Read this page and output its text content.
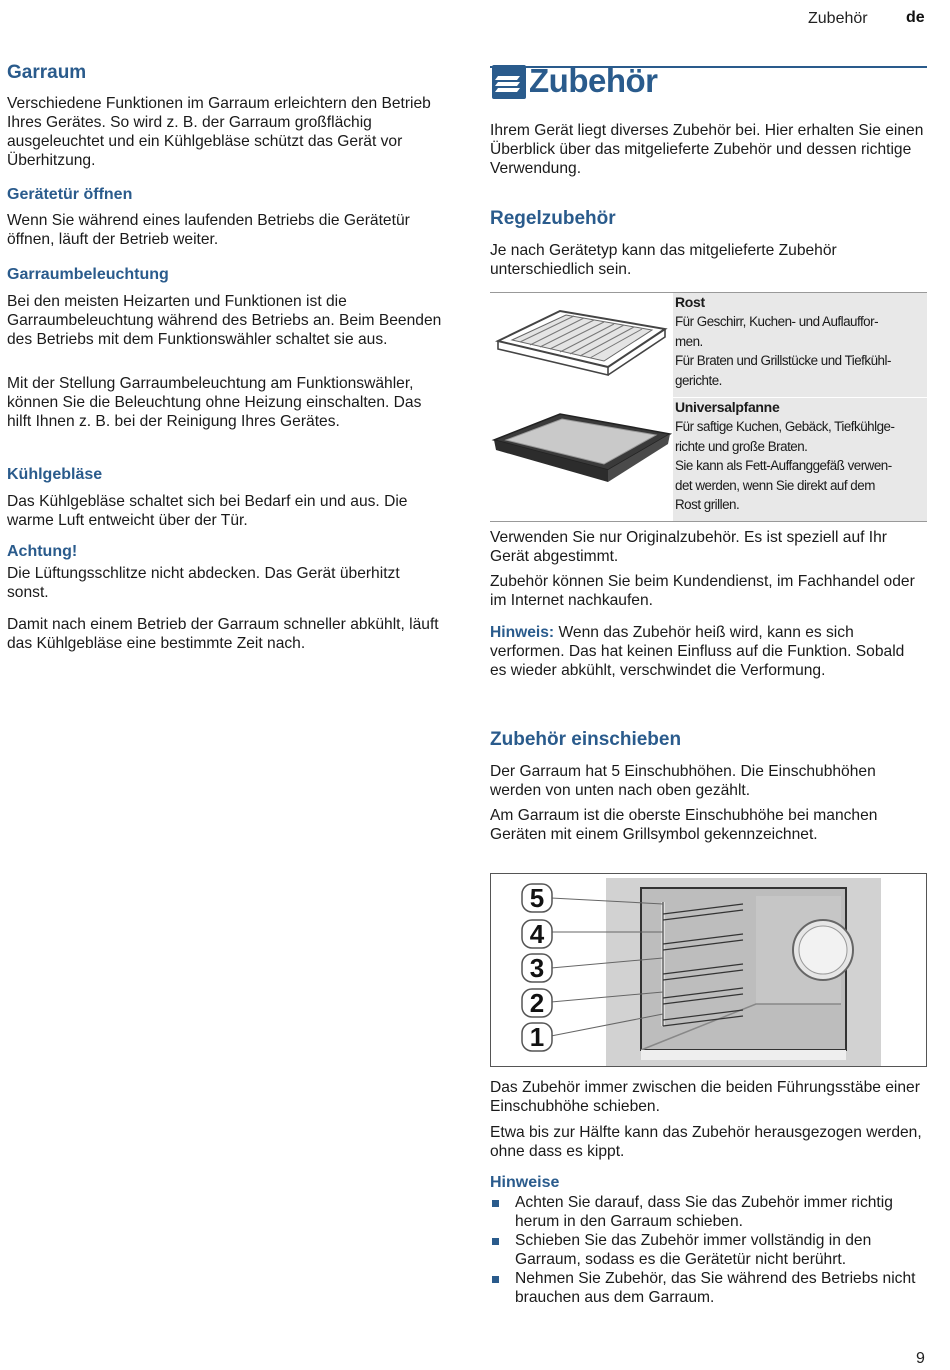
Zubehör de
Garraum

Verschiedene Funktionen im Garraum erleichtern den Betrieb Ihres Gerätes. So wird z. B. der Garraum großflächig ausgeleuchtet und ein Kühlgebläse schützt das Gerät vor Überhitzung.

Gerätetür öffnen

Wenn Sie während eines laufenden Betriebs die Gerätetür öffnen, läuft der Betrieb weiter.

Garraumbeleuchtung

Bei den meisten Heizarten und Funktionen ist die Garraumbeleuchtung während des Betriebs an. Beim Beenden des Betriebs mit dem Funktionswähler schaltet sie aus.

Mit der Stellung Garraumbeleuchtung am Funktionswähler, können Sie die Beleuchtung ohne Heizung einschalten. Das hilft Ihnen z. B. bei der Reinigung Ihres Gerätes.

Kühlgebläse

Das Kühlgebläse schaltet sich bei Bedarf ein und aus. Die warme Luft entweicht über der Tür.

Achtung!

Die Lüftungsschlitze nicht abdecken. Das Gerät überhitzt sonst.

Damit nach einem Betrieb der Garraum schneller abkühlt, läuft das Kühlgebläse eine bestimmte Zeit nach.

Zubehör

Ihrem Gerät liegt diverses Zubehör bei. Hier erhalten Sie einen Überblick über das mitgelieferte Zubehör und dessen richtige Verwendung.

Regelzubehör

Je nach Gerätetyp kann das mitgelieferte Zubehör unterschiedlich sein.

Rost

Für Geschirr, Kuchen- und Auflauffor-

men.

Für Braten und Grillstücke und Tiefkühl-

gerichte.

Universalpfanne

Für saftige Kuchen, Gebäck, Tiefkühlge-

richte und große Braten.

Sie kann als Fett-Auffanggefäß verwen-

det werden, wenn Sie direkt auf dem

Rost grillen.

Verwenden Sie nur Originalzubehör. Es ist speziell auf Ihr Gerät abgestimmt.

Zubehör können Sie beim Kundendienst, im Fachhandel oder im Internet nachkaufen.

Hinweis: Wenn das Zubehör heiß wird, kann es sich verformen. Das hat keinen Einfluss auf die Funktion. Sobald es wieder abkühlt, verschwindet die Verformung.

Zubehör einschieben

Der Garraum hat 5 Einschubhöhen. Die Einschubhöhen werden von unten nach oben gezählt.

Am Garraum ist die oberste Einschubhöhe bei manchen Geräten mit einem Grillsymbol gekennzeichnet.

5
4
3
2
1

Das Zubehör immer zwischen die beiden Führungsstäbe einer Einschubhöhe schieben.

Etwa bis zur Hälfte kann das Zubehör herausgezogen werden, ohne dass es kippt.

Hinweise
Achten Sie darauf, dass Sie das Zubehör immer richtig herum in den Garraum schieben.
Schieben Sie das Zubehör immer vollständig in den Garraum, sodass es die Gerätetür nicht berührt.
Nehmen Sie Zubehör, das Sie während des Betriebs nicht brauchen aus dem Garraum.
9
